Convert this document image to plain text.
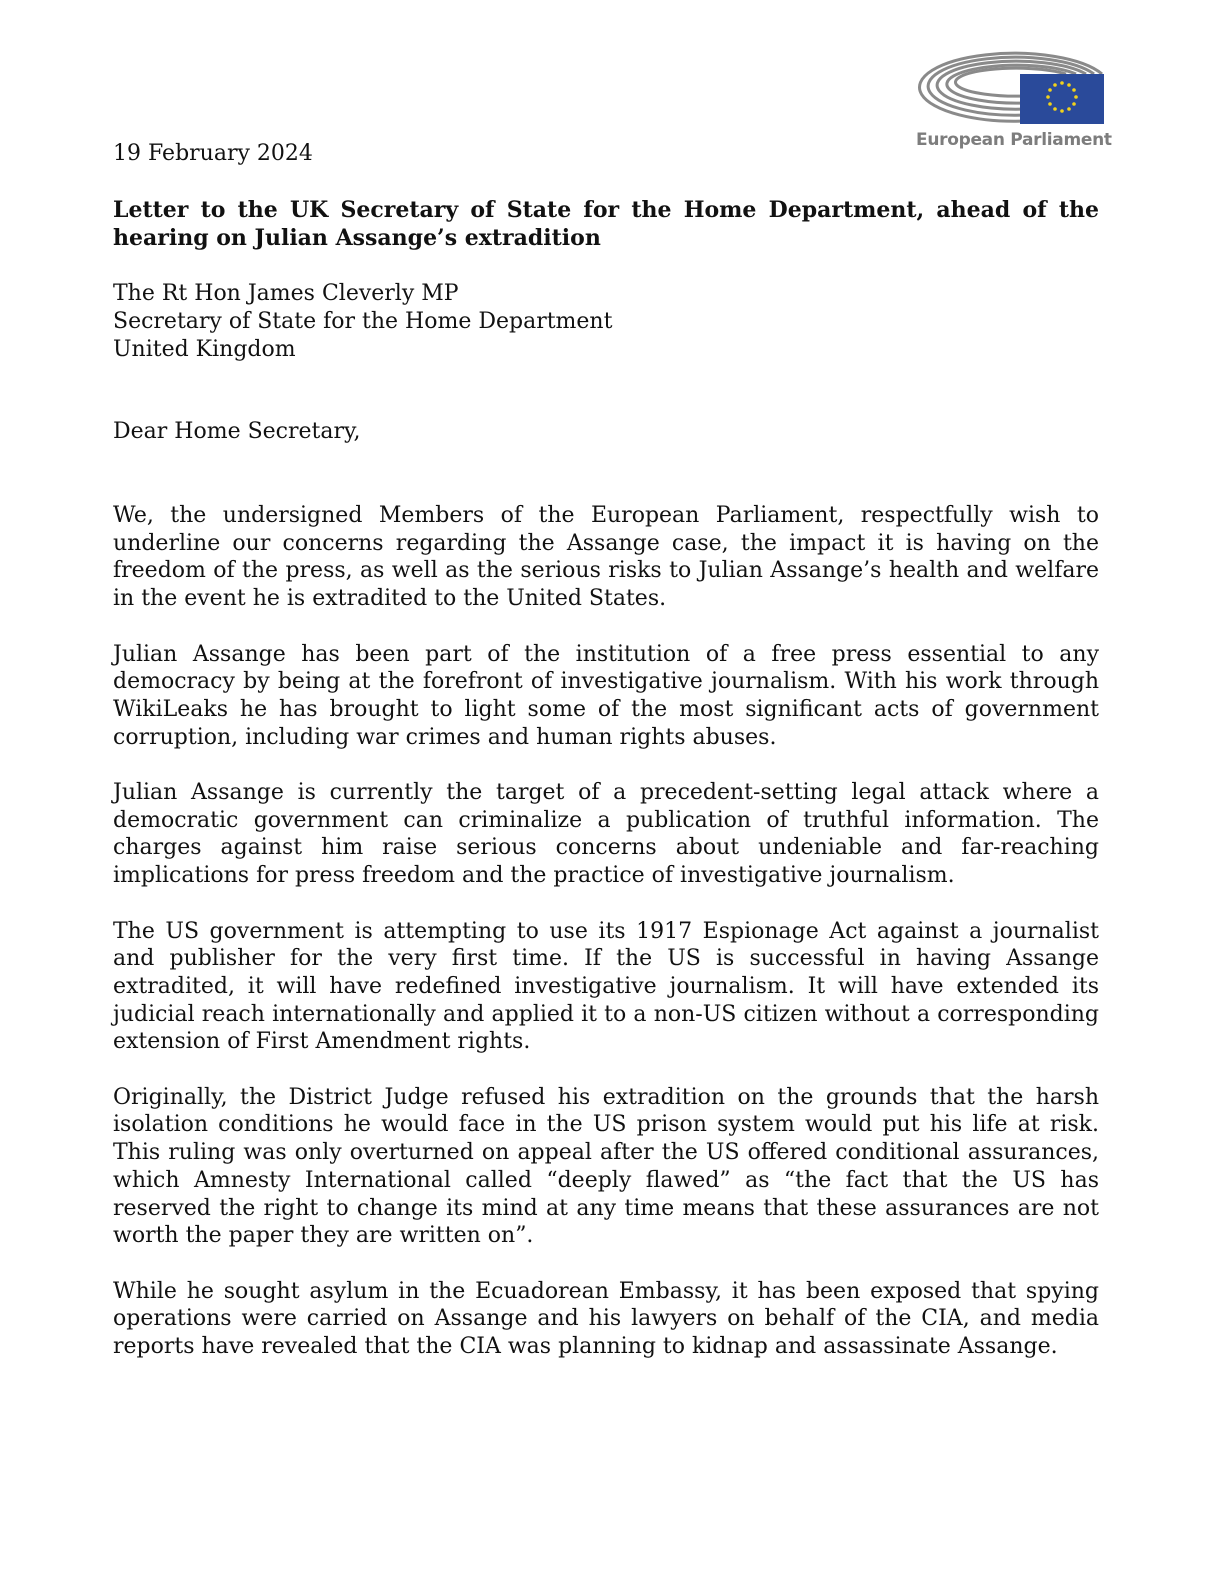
European Parliament
19 February 2024
Letter to the UK Secretary of State for the Home Department, ahead of the hearing on Julian Assange’s extradition
The Rt Hon James Cleverly MP
Secretary of State for the Home Department
United Kingdom
Dear Home Secretary,

We, the undersigned Members of the European Parliament, respectfully wish to underline our concerns regarding the Assange case, the impact it is having on the freedom of the press, as well as the serious risks to Julian Assange’s health and welfare in the event he is extradited to the United States.

Julian Assange has been part of the institution of a free press essential to any democracy by being at the forefront of investigative journalism. With his work through WikiLeaks he has brought to light some of the most significant acts of government corruption, including war crimes and human rights abuses.

Julian Assange is currently the target of a precedent-setting legal attack where a democratic government can criminalize a publication of truthful information. The charges against him raise serious concerns about undeniable and far-reaching implications for press freedom and the practice of investigative journalism.

The US government is attempting to use its 1917 Espionage Act against a journalist and publisher for the very first time. If the US is successful in having Assange extradited, it will have redefined investigative journalism. It will have extended its judicial reach internationally and applied it to a non-US citizen without a corresponding extension of First Amendment rights.

Originally, the District Judge refused his extradition on the grounds that the harsh isolation conditions he would face in the US prison system would put his life at risk. This ruling was only overturned on appeal after the US offered conditional assurances, which Amnesty International called “deeply flawed” as “the fact that the US has reserved the right to change its mind at any time means that these assurances are not worth the paper they are written on”.

While he sought asylum in the Ecuadorean Embassy, it has been exposed that spying operations were carried on Assange and his lawyers on behalf of the CIA, and media reports have revealed that the CIA was planning to kidnap and assassinate Assange.
